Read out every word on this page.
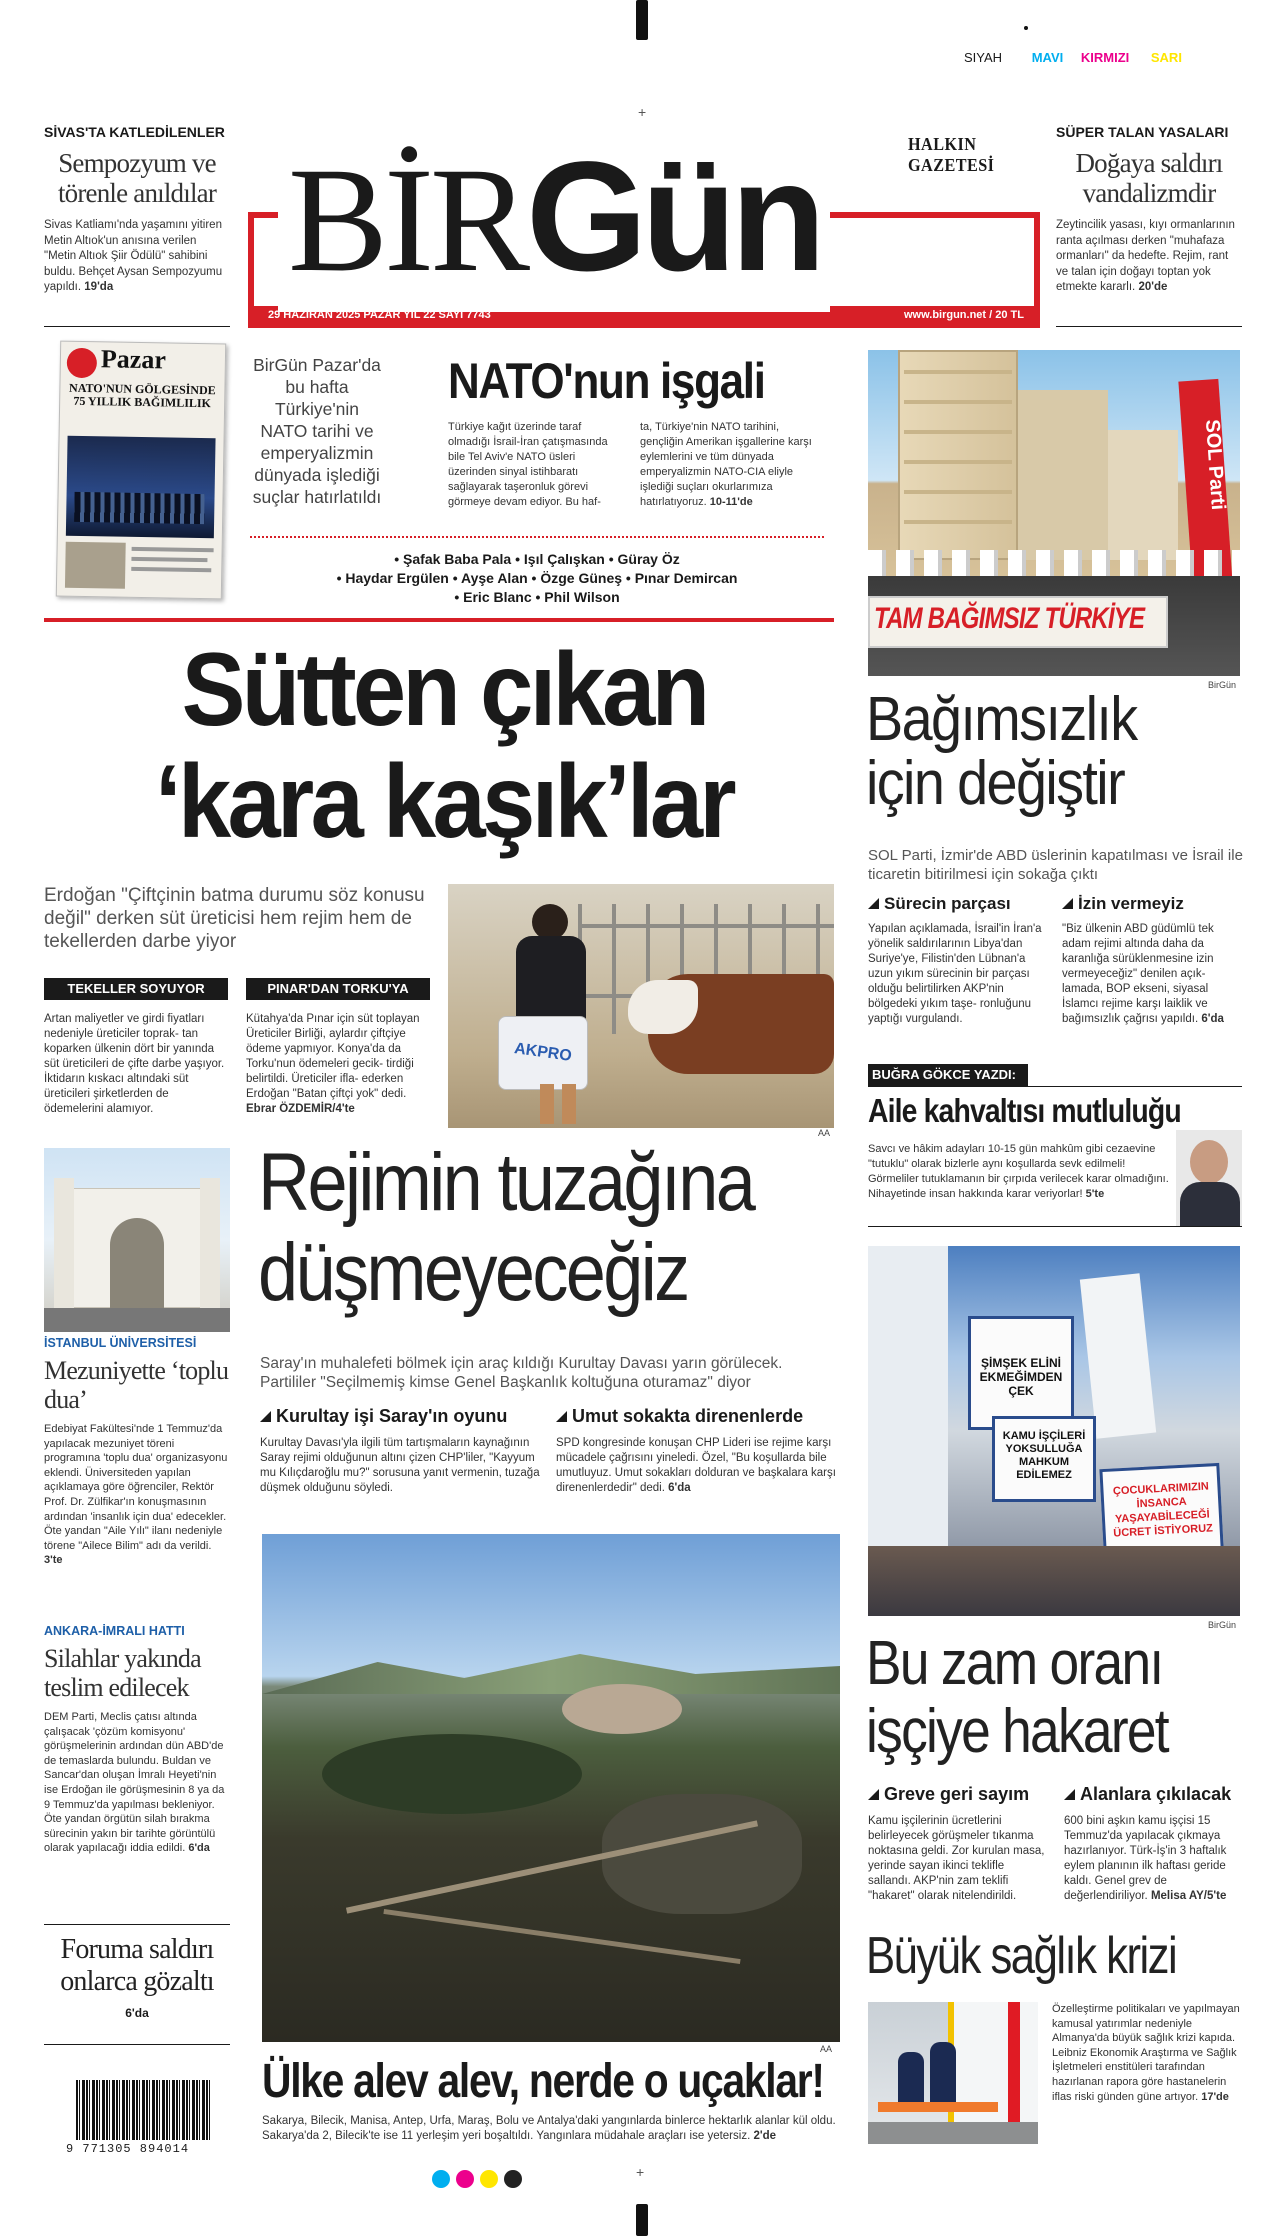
SIYAH MAVI KIRMIZI SARI
SİVAS'TA KATLEDİLENLER
Sempozyum ve törenle anıldılar
Sivas Katliamı'nda yaşamını yitiren Metin Altıok'un anısına verilen "Metin Altıok Şiir Ödülü" sahibini buldu. Behçet Aysan Sempozyumu yapıldı. 19'da	BİRGün	HALKIN GAZETESİ
29 HAZİRAN 2025 PAZAR YIL 22 SAYI 7743	www.birgun.net / 20 TL
+
SÜPER TALAN YASALARI
Doğaya saldırı vandalizmdir
Zeytincilik yasası, kıyı ormanlarının ranta açılması derken "muhafaza ormanları" da hedefte. Rejim, rant ve talan için doğayı toptan yok etmekte kararlı. 20'de
Pazar
NATO'NUN GÖLGESİNDE 75 YILLIK BAĞIMLILIK
BirGün Pazar'da bu hafta Türkiye'nin NATO tarihi ve emperyalizmin dünyada işlediği suçlar hatırlatıldı
NATO'nun işgali
Türkiye kağıt üzerinde taraf olmadığı İsrail-İran çatışmasında bile Tel Aviv'e NATO üsleri üzerinden sinyal istihbaratı sağlayarak taşeronluk görevi görmeye devam ediyor. Bu haf-
ta, Türkiye'nin NATO tarihini, gençliğin Amerikan işgallerine karşı eylemlerini ve tüm dünyada emperyalizmin NATO-CIA eliyle işlediği suçları okurlarımıza hatırlatıyoruz. 10-11'de
• Şafak Baba Pala • Işıl Çalışkan • Güray Öz
• Haydar Ergülen • Ayşe Alan • Özge Güneş • Pınar Demircan
• Eric Blanc • Phil Wilson
SOL Parti
TAM BAĞIMSIZ TÜRKİYE
BirGün
Sütten çıkan
‘kara kaşık’lar
Erdoğan "Çiftçinin batma durumu söz konusu değil" derken süt üreticisi hem rejim hem de tekellerden darbe yiyor
TEKELLER SOYUYOR	PINAR'DAN TORKU'YA
Artan maliyetler ve girdi fiyatları nedeniyle üreticiler toprak- tan koparken ülkenin dört bir yanında süt üreticileri de çifte darbe yaşıyor. İktidarın kıskacı altındaki süt üreticileri şirketlerden de ödemelerini alamıyor.
Kütahya'da Pınar için süt toplayan Üreticiler Birliği, aylardır çiftçiye ödeme yapmıyor. Konya'da da Torku'nun ödemeleri gecik- tirdiği belirtildi. Üreticiler ifla- ederken Erdoğan "Batan çiftçi yok" dedi. Ebrar ÖZDEMİR/4'te
AKPRO
AA
Bağımsızlık için değiştir
SOL Parti, İzmir'de ABD üslerinin kapatılması ve İsrail ile ticaretin bitirilmesi için sokağa çıktı
Sürecin parçası	İzin vermeyiz
Yapılan açıklamada, İsrail'in İran'a yönelik saldırılarının Libya'dan Suriye'ye, Filistin'den Lübnan'a uzun yıkım sürecinin bir parçası olduğu belirtilirken AKP'nin bölgedeki yıkım taşe- ronluğunu yaptığı vurgulandı.
"Biz ülkenin ABD güdümlü tek adam rejimi altında daha da karanlığa sürüklenmesine izin vermeyeceğiz" denilen açık- lamada, BOP ekseni, siyasal İslamcı rejime karşı laiklik ve bağımsızlık çağrısı yapıldı. 6'da
BUĞRA GÖKCE YAZDI:
Aile kahvaltısı mutluluğu
Savcı ve hâkim adayları 10-15 gün mahkûm gibi cezaevine "tutuklu" olarak bizlerle aynı koşullarda sevk edilmeli! Görmeliler tutuklamanın bir çırpıda verilecek karar olmadığını. Nihayetinde insan hakkında karar veriyorlar! 5'te
Rejimin tuzağına
düşmeyeceğiz
Saray'ın muhalefeti bölmek için araç kıldığı Kurultay Davası yarın görülecek. Partililer "Seçilmemiş kimse Genel Başkanlık koltuğuna oturamaz" diyor
Kurultay işi Saray'ın oyunu	Umut sokakta direnenlerde
Kurultay Davası'yla ilgili tüm tartışmaların kaynağının Saray rejimi olduğunun altını çizen CHP'liler, "Kayyum mu Kılıçdaroğlu mu?" sorusuna yanıt vermenin, tuzağa düşmek olduğunu söyledi.
SPD kongresinde konuşan CHP Lideri ise rejime karşı mücadele çağrısını yineledi. Özel, "Bu koşullarda bile umutluyuz. Umut sokakları dolduran ve başkalara karşı direnenlerdedir" dedi. 6'da
İSTANBUL ÜNİVERSİTESİ
Mezuniyette ‘toplu dua’
Edebiyat Fakültesi'nde 1 Temmuz'da yapılacak mezuniyet töreni programına 'toplu dua' organizasyonu eklendi. Üniversiteden yapılan açıklamaya göre öğrenciler, Rektör Prof. Dr. Zülfikar'ın konuşmasının ardından 'insanlık için dua' edecekler. Öte yandan "Aile Yılı" ilanı nedeniyle törene "Ailece Bilim" adı da verildi. 3'te
ANKARA-İMRALI HATTI
Silahlar yakında teslim edilecek
DEM Parti, Meclis çatısı altında çalışacak 'çözüm komisyonu' görüşmelerinin ardından dün ABD'de de temaslarda bulundu. Buldan ve Sancar'dan oluşan İmralı Heyeti'nin ise Erdoğan ile görüşmesinin 8 ya da 9 Temmuz'da yapılması bekleniyor. Öte yandan örgütün silah bırakma sürecinin yakın bir tarihte görüntülü olarak yapılacağı iddia edildi. 6'da
Foruma saldırı onlarca gözaltı
6'da
9 771305 894014
AA
Ülke alev alev, nerde o uçaklar!
Sakarya, Bilecik, Manisa, Antep, Urfa, Maraş, Bolu ve Antalya'daki yangınlarda binlerce hektarlık alanlar kül oldu. Sakarya'da 2, Bilecik'te ise 11 yerleşim yeri boşaltıldı. Yangınlara müdahale araçları ise yetersiz. 2'de
ŞİMŞEK ELİNİ EKMEĞİMDEN ÇEK
KAMU İŞÇİLERİ YOKSULLUĞA MAHKUM EDİLEMEZ
ÇOCUKLARIMIZIN İNSANCA YAŞAYABİLECEĞİ ÜCRET İSTİYORUZ
BirGün
Bu zam oranı işçiye hakaret
Greve geri sayım	Alanlara çıkılacak
Kamu işçilerinin ücretlerini belirleyecek görüşmeler tıkanma noktasına geldi. Zor kurulan masa, yerinde sayan ikinci teklifle sallandı. AKP'nin zam teklifi "hakaret" olarak nitelendirildi.
600 bini aşkın kamu işçisi 15 Temmuz'da yapılacak çıkmaya hazırlanıyor. Türk-İş'in 3 haftalık eylem planının ilk haftası geride kaldı. Genel grev de değerlendiriliyor. Melisa AY/5'te
Büyük sağlık krizi
Özelleştirme politikaları ve yapılmayan kamusal yatırımlar nedeniyle Almanya'da büyük sağlık krizi kapıda. Leibniz Ekonomik Araştırma ve Sağlık İşletmeleri enstitüleri tarafından hazırlanan rapora göre hastanelerin iflas riski günden güne artıyor. 17'de
+
